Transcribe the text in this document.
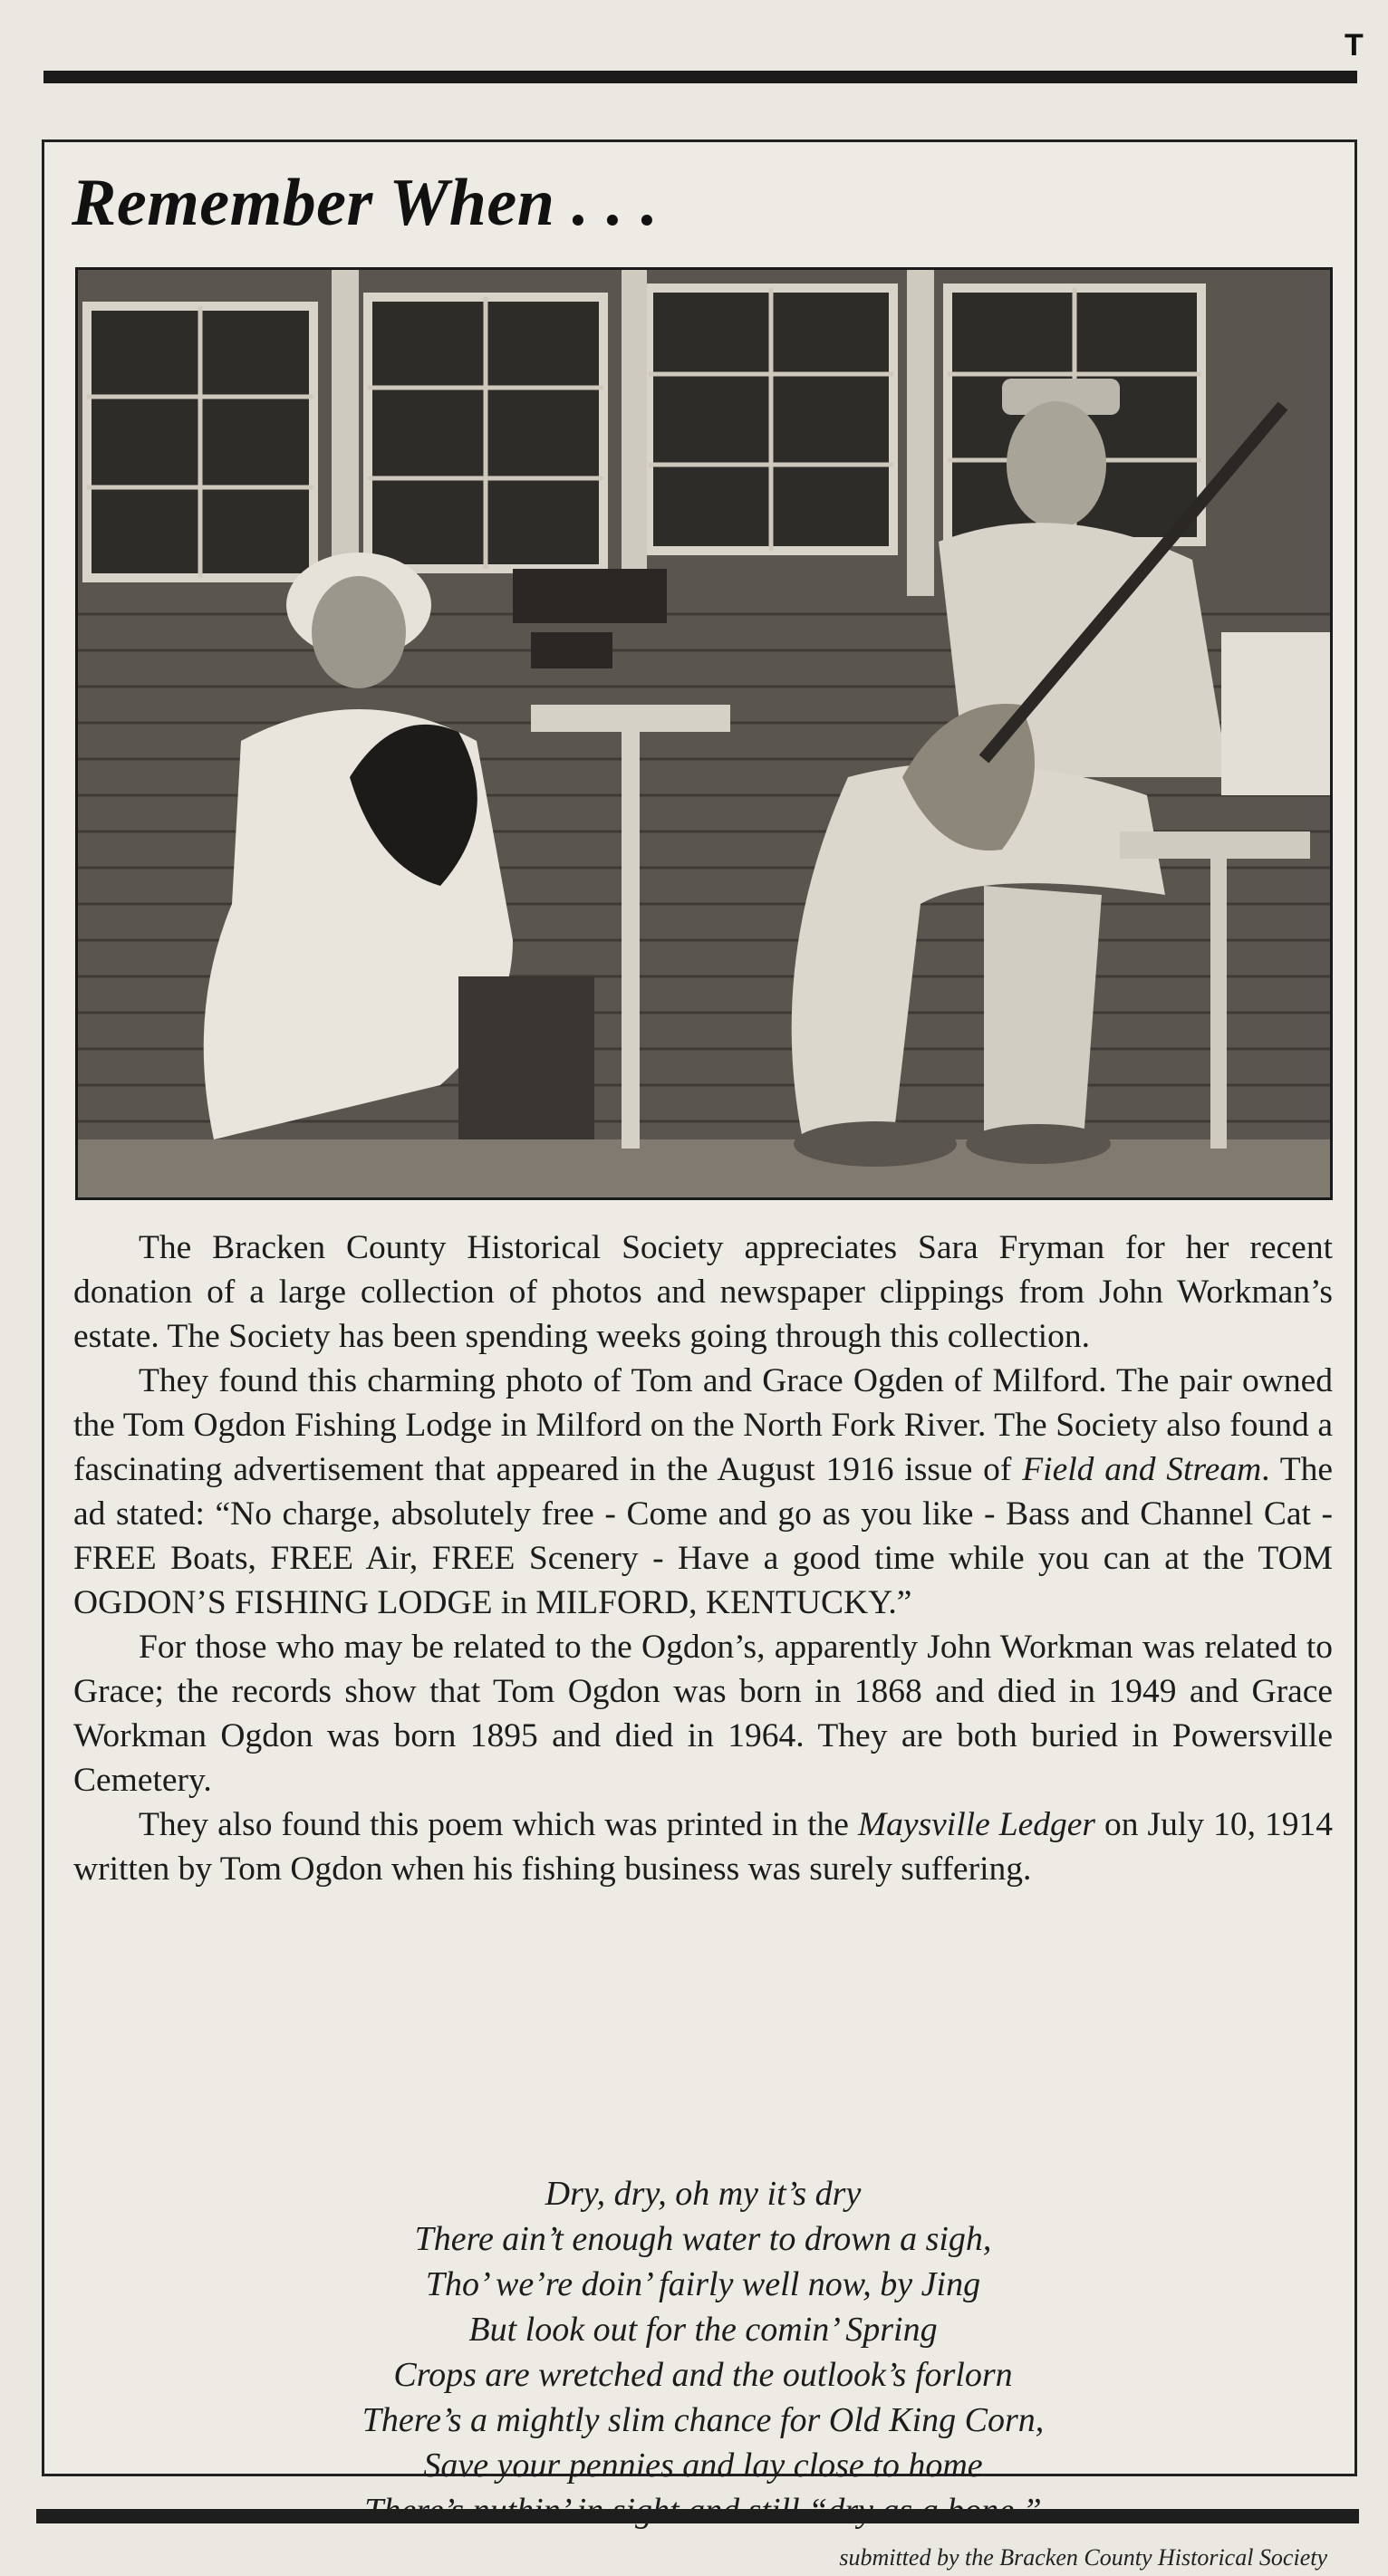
T
Remember When . . .

The Bracken County Historical Society appreciates Sara Fryman for her recent donation of a large collection of photos and newspaper clippings from John Workman’s estate. The Society has been spending weeks going through this collection.

They found this charming photo of Tom and Grace Ogden of Milford. The pair owned the Tom Ogdon Fishing Lodge in Milford on the North Fork River. The Society also found a fascinating advertisement that appeared in the August 1916 issue of Field and Stream. The ad stated: “No charge, absolutely free - Come and go as you like - Bass and Channel Cat - FREE Boats, FREE Air, FREE Scenery - Have a good time while you can at the TOM OGDON’S FISHING LODGE in MILFORD, KENTUCKY.”

For those who may be related to the Ogdon’s, apparently John Workman was related to Grace; the records show that Tom Ogdon was born in 1868 and died in 1949 and Grace Workman Ogdon was born 1895 and died in 1964. They are both buried in Powersville Cemetery.

They also found this poem which was printed in the Maysville Ledger on July 10, 1914 written by Tom Ogdon when his fishing business was surely suffering.

Dry, dry, oh my it’s dry
There ain’t enough water to drown a sigh,
Tho’ we’re doin’ fairly well now, by Jing
But look out for the comin’ Spring
Crops are wretched and the outlook’s forlorn
There’s a mightly slim chance for Old King Corn,
Save your pennies and lay close to home
submitted by the Bracken County Historical Society
